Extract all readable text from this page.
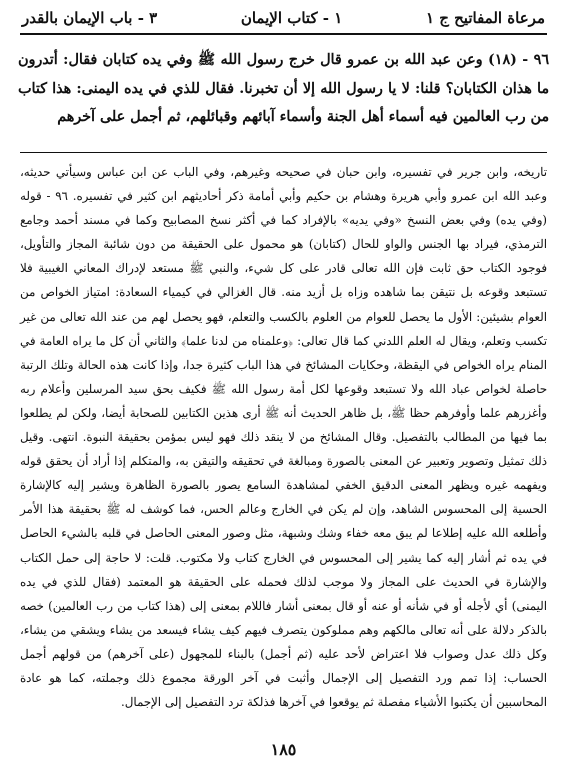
مرعاة المفاتيح ج ١
١ - كتاب الإيمان
٣ - باب الإيمان بالقدر

٩٦ - (١٨) وعن عبد الله بن عمرو قال خرج رسول الله ﷺ وفي يده كتابان فقال: أتدرون ما هذان الكتابان؟ قلنا: لا يا رسول الله إلا أن تخبرنا. فقال للذي في يده اليمنى: هذا كتاب من رب العالمين فيه أسماء أهل الجنة وأسماء آبائهم وقبائلهم، ثم أجمل على آخرهم

تاريخه، وابن جرير في تفسيره، وابن حبان في صحيحه وغيرهم، وفي الباب عن ابن عباس وسيأتي حديثه، وعبد الله ابن عمرو وأبي هريرة وهشام بن حكيم وأبي أمامة ذكر أحاديثهم ابن كثير في تفسيره. ٩٦ - قوله (وفي يده) وفي بعض النسخ «وفي يديه» بالإفراد كما في أكثر نسخ المصابيح وكما في مسند أحمد وجامع الترمذي، فيراد بها الجنس والواو للحال (كتابان) هو محمول على الحقيقة من دون شائبة المجاز والتأويل، فوجود الكتاب حق ثابت فإن الله تعالى قادر على كل شيء، والنبي ﷺ مستعد لإدراك المعاني الغيبية فلا تستبعد وقوعه بل نتيقن بما شاهده وزاه بل أزيد منه. قال الغزالي في كيمياء السعادة: امتياز الخواص من العوام بشيئين: الأول ما يحصل للعوام من العلوم بالكسب والتعلم، فهو يحصل لهم من عند الله تعالى من غير تكسب وتعلم، ويقال له العلم اللدني كما قال تعالى: ﴿وعلمناه من لدنا علما﴾ والثاني أن كل ما يراه العامة في المنام يراه الخواص في اليقظة، وحكايات المشائخ في هذا الباب كثيرة جدا، وإذا كانت هذه الحالة وتلك الرتبة حاصلة لخواص عباد الله ولا تستبعد وقوعها لكل أمة رسول الله ﷺ فكيف بحق سيد المرسلين وأعلام ربه وأغزرهم علما وأوفرهم حظا ﷺ، بل ظاهر الحديث أنه ﷺ أرى هذين الكتابين للصحابة أيضا، ولكن لم يطلعوا بما فيها من المطالب بالتفصيل. وقال المشائخ من لا ينقد ذلك فهو ليس بمؤمن بحقيقة النبوة. انتهى. وقيل ذلك تمثيل وتصوير وتعبير عن المعنى بالصورة ومبالغة في تحقيقه والتيقن به، والمتكلم إذا أراد أن يحقق قوله ويفهمه غيره ويظهر المعنى الدقيق الخفي لمشاهدة السامع يصور بالصورة الظاهرة ويشير إليه كالإشارة الحسية إلى المحسوس الشاهد، وإن لم يكن في الخارج وعالم الحس، فما كوشف له ﷺ بحقيقة هذا الأمر وأطلعه الله عليه إطلاعا لم يبق معه خفاء وشك وشبهة، مثل وصور المعنى الحاصل في قلبه بالشيء الحاصل في يده ثم أشار إليه كما يشير إلى المحسوس في الخارج كتاب ولا مكتوب. قلت: لا حاجة إلى حمل الكتاب والإشارة في الحديث على المجاز ولا موجب لذلك فحمله على الحقيقة هو المعتمد (فقال للذي في يده اليمنى) أي لأجله أو في شأنه أو عنه أو قال بمعنى أشار فاللام بمعنى إلى (هذا كتاب من رب العالمين) خصه بالذكر دلالة على أنه تعالى مالكهم وهم مملوكون يتصرف فيهم كيف يشاء فيسعد من يشاء ويشقي من يشاء، وكل ذلك عدل وصواب فلا اعتراض لأحد عليه (ثم أجمل) بالبناء للمجهول (على آخرهم) من قولهم أجمل الحساب: إذا تمم ورد التفصيل إلى الإجمال وأثبت في آخر الورقة مجموع ذلك وجملته، كما هو عادة المحاسبين أن يكتبوا الأشياء مفصلة ثم يوقعوا في آخرها فذلكة ترد التفصيل إلى الإجمال.

١٨٥
